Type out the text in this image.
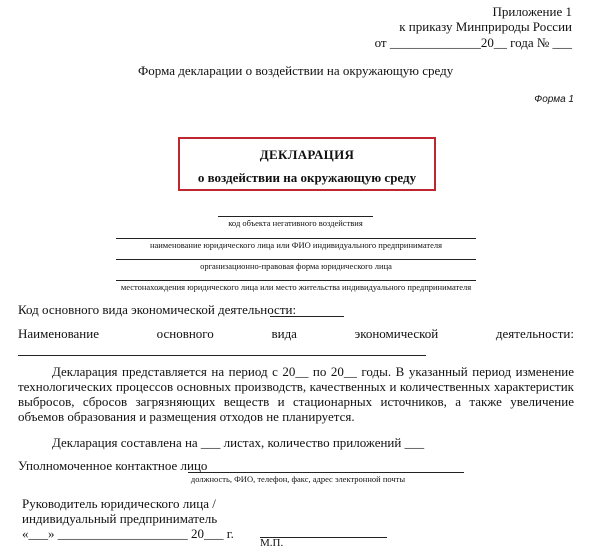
Приложение 1
к приказу Минприроды России
от ______________20__ года № ___
Форма декларации о воздействии на окружающую среду
Форма 1
ДЕКЛАРАЦИЯ
о воздействии на окружающую среду
код объекта негативного воздействия
наименование юридического лица или ФИО индивидуального предпринимателя
организационно-правовая форма юридического лица
местонахождения юридического лица или место жительства индивидуального предпринимателя
Код основного вида экономической деятельности:
Наименование	основного	вида	экономической	деятельности:
Декларация представляется на период с 20__ по 20__ годы. В указанный период изменение технологических процессов основных производств, качественных и количественных характеристик выбросов, сбросов загрязняющих веществ и стационарных источников, а также увеличение объемов образования и размещения отходов не планируется.
Декларация составлена на ___ листах, количество приложений ___
Уполномоченное контактное лицо
должность, ФИО, телефон, факс, адрес электронной почты
Руководитель юридического лица /
индивидуальный предприниматель
«___» ____________________ 20___ г.
М.П.
